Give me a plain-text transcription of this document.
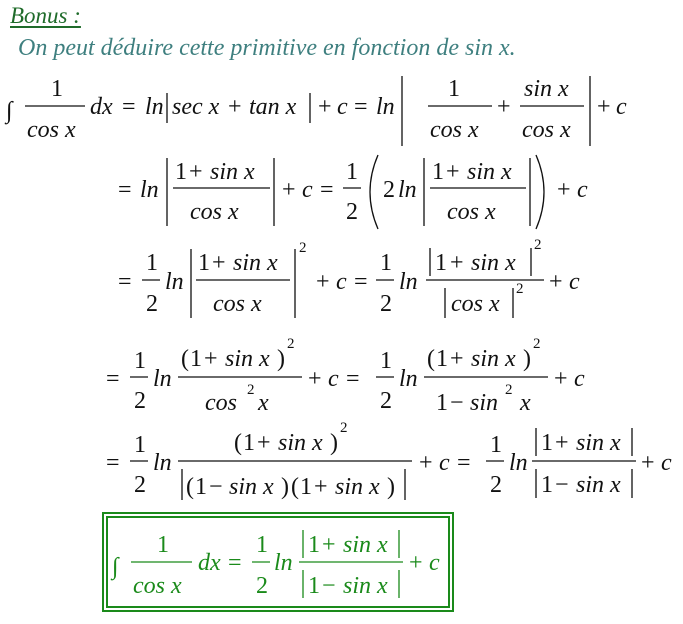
Bonus :
On peut déduire cette primitive en fonction de sin x.
∫
1
cos x
dx = ln sec x + tan x + c = ln
1
cos x
+
sin x
cos x
+ c
= ln
1 + sin x
cos x
+ c =
1
2
2 ln
1 + sin x
cos x
+ c
=
1
2
ln
1 + sin x
cos x
2
+ c =
1
2
ln
1 + sin x
2
cos x
2 + c
=
1
2
ln
( 1 + sin x )
2
cos 2 x
+ c =
1
2
ln
( 1 + sin x )
2
1 − sin 2 x
+ c
=
1
2
ln
( 1 + sin x )
2
( 1 − sin x ) ( 1 + sin x )
+ c =
1
2
ln
1 + sin x
1 − sin x
+ c
∫
1
cos x
dx =
1
2
ln
1 + sin x
1 − sin x
+ c
